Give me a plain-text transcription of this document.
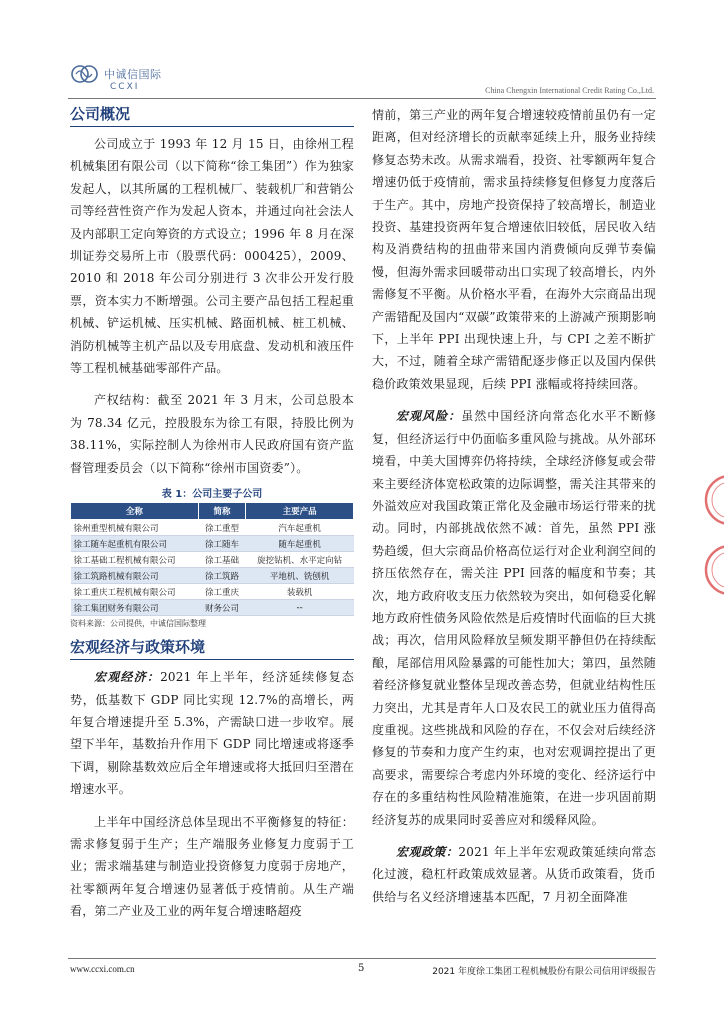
中诚信国际
CCXI	China Chengxin International Credit Rating Co.,Ltd.
公司概况

公司成立于 1993 年 12 月 15 日，由徐州工程机械集团有限公司（以下简称“徐工集团”）作为独家发起人，以其所属的工程机械厂、装载机厂和营销公司等经营性资产作为发起人资本，并通过向社会法人及内部职工定向筹资的方式设立；1996 年 8 月在深圳证券交易所上市（股票代码：000425），2009、2010 和 2018 年公司分别进行 3 次非公开发行股票，资本实力不断增强。公司主要产品包括工程起重机械、铲运机械、压实机械、路面机械、桩工机械、消防机械等主机产品以及专用底盘、发动机和液压件等工程机械基础零部件产品。

产权结构：截至 2021 年 3 月末，公司总股本为 78.34 亿元，控股股东为徐工有限，持股比例为 38.11%，实际控制人为徐州市人民政府国有资产监督管理委员会（以下简称“徐州市国资委”）。

表 1：公司主要子公司
全称	简称	主要产品
徐州重型机械有限公司	徐工重型	汽车起重机
徐工随车起重机有限公司	徐工随车	随车起重机
徐工基础工程机械有限公司	徐工基础	旋挖钻机、水平定向钻
徐工筑路机械有限公司	徐工筑路	平地机、铣刨机
徐工重庆工程机械有限公司	徐工重庆	装载机
徐工集团财务有限公司	财务公司	--
资料来源：公司提供，中诚信国际整理
宏观经济与政策环境

宏观经济：2021 年上半年，经济延续修复态势，低基数下 GDP 同比实现 12.7%的高增长，两年复合增速提升至 5.3%，产需缺口进一步收窄。展望下半年，基数抬升作用下 GDP 同比增速或将逐季下调，剔除基数效应后全年增速或将大抵回归至潜在增速水平。

上半年中国经济总体呈现出不平衡修复的特征：需求修复弱于生产；生产端服务业修复力度弱于工业；需求端基建与制造业投资修复力度弱于房地产，社零额两年复合增速仍显著低于疫情前。从生产端看，第二产业及工业的两年复合增速略超疫

情前，第三产业的两年复合增速较疫情前虽仍有一定距离，但对经济增长的贡献率延续上升，服务业持续修复态势未改。从需求端看，投资、社零额两年复合增速仍低于疫情前，需求虽持续修复但修复力度落后于生产。其中，房地产投资保持了较高增长，制造业投资、基建投资两年复合增速依旧较低，居民收入结构及消费结构的扭曲带来国内消费倾向反弹节奏偏慢，但海外需求回暖带动出口实现了较高增长，内外需修复不平衡。从价格水平看，在海外大宗商品出现产需错配及国内“双碳”政策带来的上游减产预期影响下，上半年 PPI 出现快速上升，与 CPI 之差不断扩大，不过，随着全球产需错配逐步修正以及国内保供稳价政策效果显现，后续 PPI 涨幅或将持续回落。

宏观风险：虽然中国经济向常态化水平不断修复，但经济运行中仍面临多重风险与挑战。从外部环境看，中美大国博弈仍将持续，全球经济修复或会带来主要经济体宽松政策的边际调整，需关注其带来的外溢效应对我国政策正常化及金融市场运行带来的扰动。同时，内部挑战依然不减：首先，虽然 PPI 涨势趋缓，但大宗商品价格高位运行对企业利润空间的挤压依然存在，需关注 PPI 回落的幅度和节奏；其次，地方政府收支压力依然较为突出，如何稳妥化解地方政府性债务风险依然是后疫情时代面临的巨大挑战；再次，信用风险释放呈频发期平静但仍在持续酝酿，尾部信用风险暴露的可能性加大；第四，虽然随着经济修复就业整体呈现改善态势，但就业结构性压力突出，尤其是青年人口及农民工的就业压力值得高度重视。这些挑战和风险的存在，不仅会对后续经济修复的节奏和力度产生约束，也对宏观调控提出了更高要求，需要综合考虑内外环境的变化、经济运行中存在的多重结构性风险精准施策，在进一步巩固前期经济复苏的成果同时妥善应对和缓释风险。

宏观政策：2021 年上半年宏观政策延续向常态化过渡，稳杠杆政策成效显著。从货币政策看，货币供给与名义经济增速基本匹配，7 月初全面降准

www.ccxi.com.cn	5	2021 年度徐工集团工程机械股份有限公司信用评级报告
